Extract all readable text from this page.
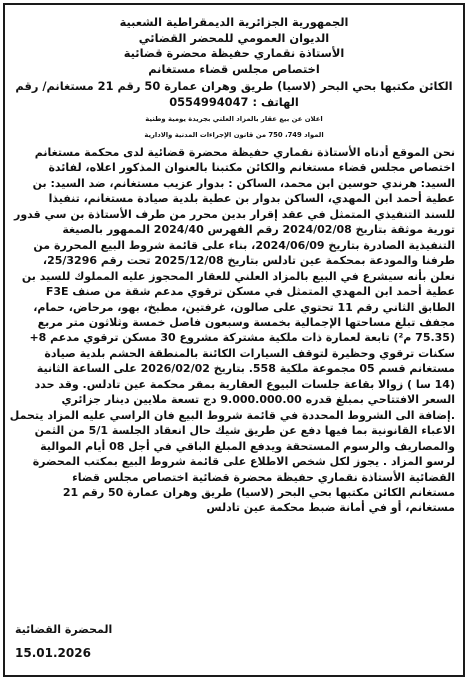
الجمهورية الجزائرية الديمقراطية الشعبية
الديوان العمومي للمحضر القضائي
الأستاذة نقماري حفيظة محضرة قضائية
اختصاص مجلس قضاء مستغانم
الكائن مكتبها بحي البحر (لاسيا) طريق وهران عمارة 50 رقم 21 مستغانم/ رقم
الهاتف : 0554994047
اعلان عن بيع عقار بالمزاد العلني بجريدة يومية وطنية
المواد 749، 750 من قانون الإجراءات المدنية والادارية
نحن الموقع أدناه الأستاذة نقماري حفيظة محضرة قضائية لدى محكمة مستغانم
اختصاص مجلس قضاء مستغانم والكائن مكتبنا بالعنوان المذكور اعلاه، لفائدة
السيد: هرندي حوسين ابن محمد، الساكن : بدوار عزيب مستغانم، ضد السيد: بن
عطية أحمد ابن المهدي، الساكن بدوار بن عطية بلدية صيادة مستغانم، تنفيذا
للسند التنفيذي المتمثل في عقد إقرار بدين محرر من طرف الأستاذة بن سي قدور
تورية موثقة بتاريخ 2024/02/08 رقم الفهرس 2024/40 الممهور بالصيغة
التنفيذية الصادرة بتاريخ 2024/06/09، بناء على قائمة شروط البيع المحررة من
طرفنا والمودعة بمحكمة عين تادلس بتاريخ 2025/12/08 تحت رقم 25/3296،
نعلن بأنه سيشرع في البيع بالمزاد العلني للعقار المحجوز عليه المملوك للسيد بن
عطية أحمد ابن المهدي المتمثل في مسكن ترقوي مدعم شقة من صنف F3E
الطابق الثاني رقم 11 تحتوي على صالون، غرفتين، مطبخ، بهو، مرحاض، حمام،
مجفف تبلغ مساحتها الإجمالية بخمسة وسبعون فاصل خمسة وثلاثون متر مربع
(75.35 م²) تابعة لعمارة ذات ملكية مشتركة مشروع 30 مسكن ترقوي مدعم 8+
سكنات ترقوي وحظيرة لتوقف السيارات الكائنة بالمنطقة الحشم بلدية صيادة
مستغانم قسم 05 مجموعة ملكية 558. بتاريخ 2026/02/02 على الساعة الثانية
(14 سا ) زوالا بقاعة جلسات البيوع العقارية بمقر محكمة عين تادلس. وقد حدد
السعر الافتتاحي بمبلغ قدره 9.000.000.00 دج تسعة ملايين دينار جزائري
.إضافة الى الشروط المحددة في قائمة شروط البيع فان الراسي عليه المزاد يتحمل
الاعباء القانونية بما فيها دفع عن طريق شيك حال انعقاد الجلسة 5/1 من الثمن
والمصاريف والرسوم المستحقة ويدفع المبلغ الباقي في أجل 08 أيام الموالية
لرسو المزاد . يجوز لكل شخص الاطلاع على قائمة شروط البيع بمكتب المحضرة
القضائية الأستاذة نقماري حفيظة محضرة قضائية اختصاص مجلس قضاء
مستغانم الكائن مكتبها بحي البحر (لاسيا) طريق وهران عمارة 50 رقم 21
مستغانم، أو في أمانة ضبط محكمة عين تادلس
المحضرة القضائية
15.01.2026
